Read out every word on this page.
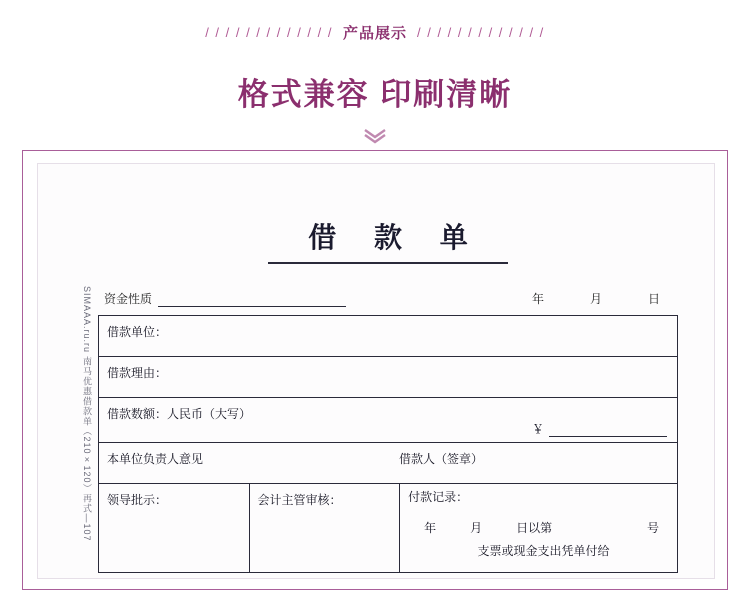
/ / / / / / / / / / / / / 产品展示 / / / / / / / / / / / / /
格式兼容 印刷清晰
SIMAAA.ru.ru 南马优惠借款单（210×120）再式—107
借 款 单
资金性质	年	月	日
借款单位：
借款理由：
借款数额：人民币（大写）
￥

本单位负责人意见	借款人（签章）

领导批示：	会计主管审核：	付款记录：
年	月	日以第	号
支票或现金支出凭单付给
